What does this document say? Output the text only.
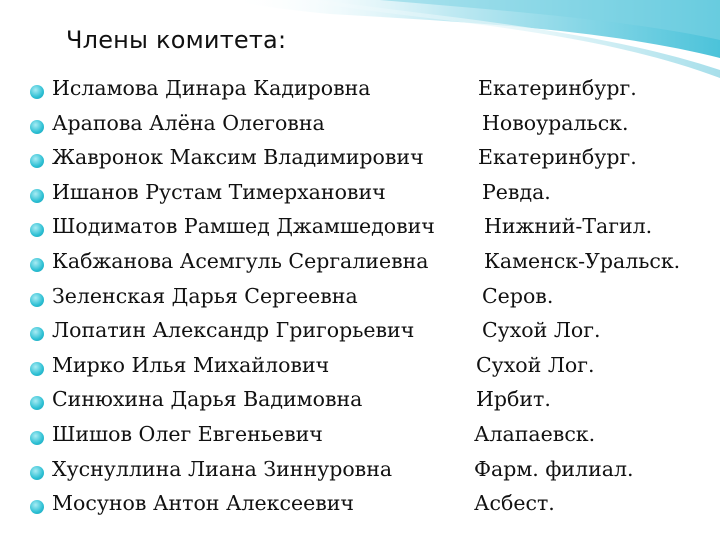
Члены комитета:
Исламова Динара Кадировна	Екатеринбург.
Арапова Алёна Олеговна	Новоуральск.
Жавронок Максим Владимирович	Екатеринбург.
Ишанов Рустам Тимерханович	Ревда.
Шодиматов Рамшед Джамшедович Нижний-Тагил.
Кабжанова Асемгуль Сергалиевна	Каменск-Уральск.
Зеленская Дарья Сергеевна	Серов.
Лопатин Александр Григорьевич	Сухой Лог.
Мирко Илья Михайлович	Сухой Лог.
Синюхина Дарья Вадимовна	Ирбит.
Шишов Олег Евгеньевич	Алапаевск.
Хуснуллина Лиана Зиннуровна	Фарм. филиал.
Мосунов Антон Алексеевич	Асбест.
